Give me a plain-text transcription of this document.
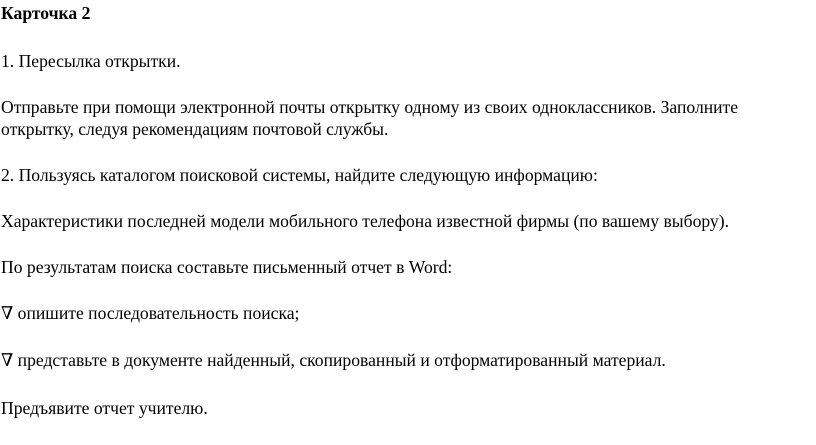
Карточка 2

1. Пересылка открытки.

Отправьте при помощи электронной почты открытку одному из своих одноклассников. Заполните

открытку, следуя рекомендациям почтовой службы.

2. Пользуясь каталогом поисковой системы, найдите следующую информацию:

Характеристики последней модели мобильного телефона известной фирмы (по вашему выбору).

По результатам поиска составьте письменный отчет в Word:

∇ опишите последовательность поиска;

∇ представьте в документе найденный, скопированный и отформатированный материал.

Предъявите отчет учителю.
